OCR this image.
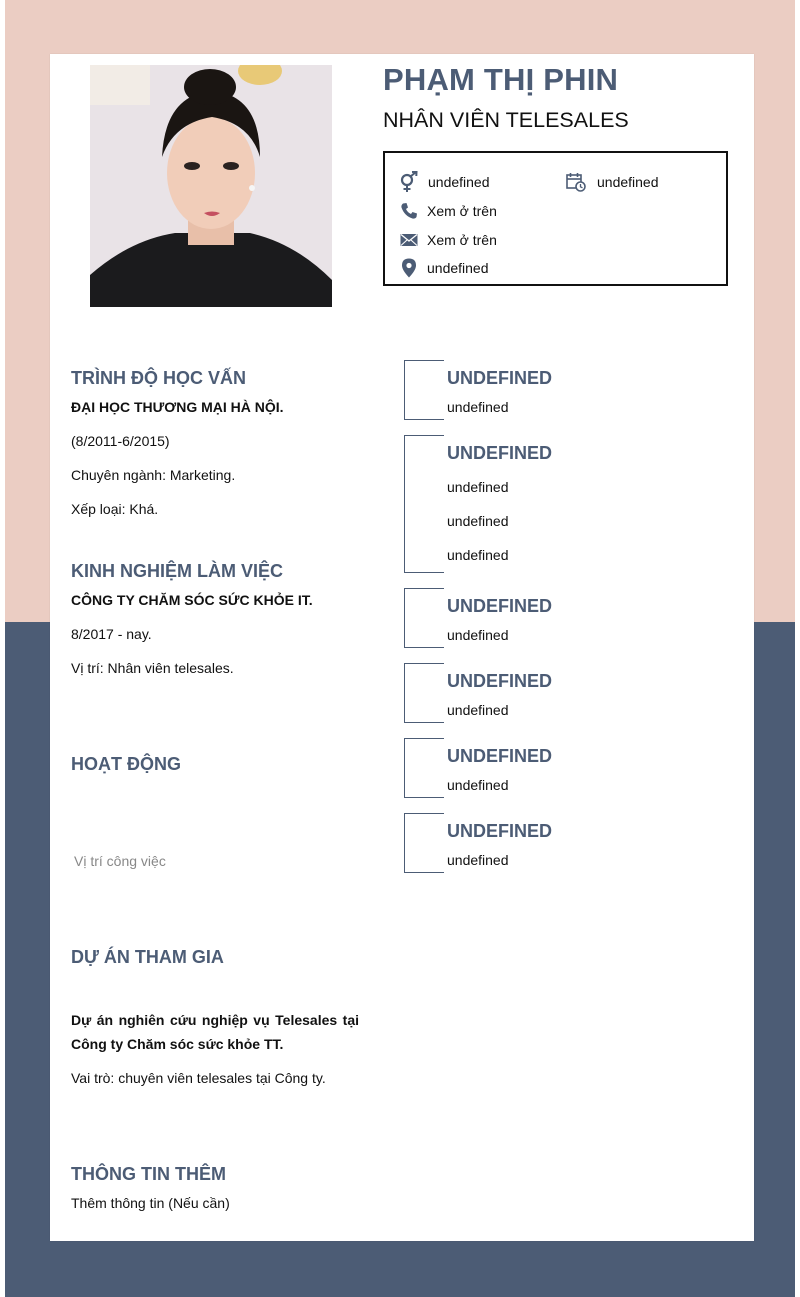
PHẠM THỊ PHIN
NHÂN VIÊN TELESALES
undefined	undefined
Xem ở trên
Xem ở trên
undefined
TRÌNH ĐỘ HỌC VẤN
ĐẠI HỌC THƯƠNG MẠI HÀ NỘI.
(8/2011-6/2015)
Chuyên ngành: Marketing.
Xếp loại: Khá.
KINH NGHIỆM LÀM VIỆC
CÔNG TY CHĂM SÓC SỨC KHỎE IT.
8/2017 - nay.
Vị trí: Nhân viên telesales.
HOẠT ĐỘNG
Vị trí công việc
DỰ ÁN THAM GIA
Dự án nghiên cứu nghiệp vụ Telesales tại Công ty Chăm sóc sức khỏe TT.
Vai trò: chuyên viên telesales tại Công ty.
THÔNG TIN THÊM
Thêm thông tin (Nếu cần)
UNDEFINED
undefined
UNDEFINED
undefined
undefined
undefined
UNDEFINED
undefined
UNDEFINED
undefined
UNDEFINED
undefined
UNDEFINED
undefined
